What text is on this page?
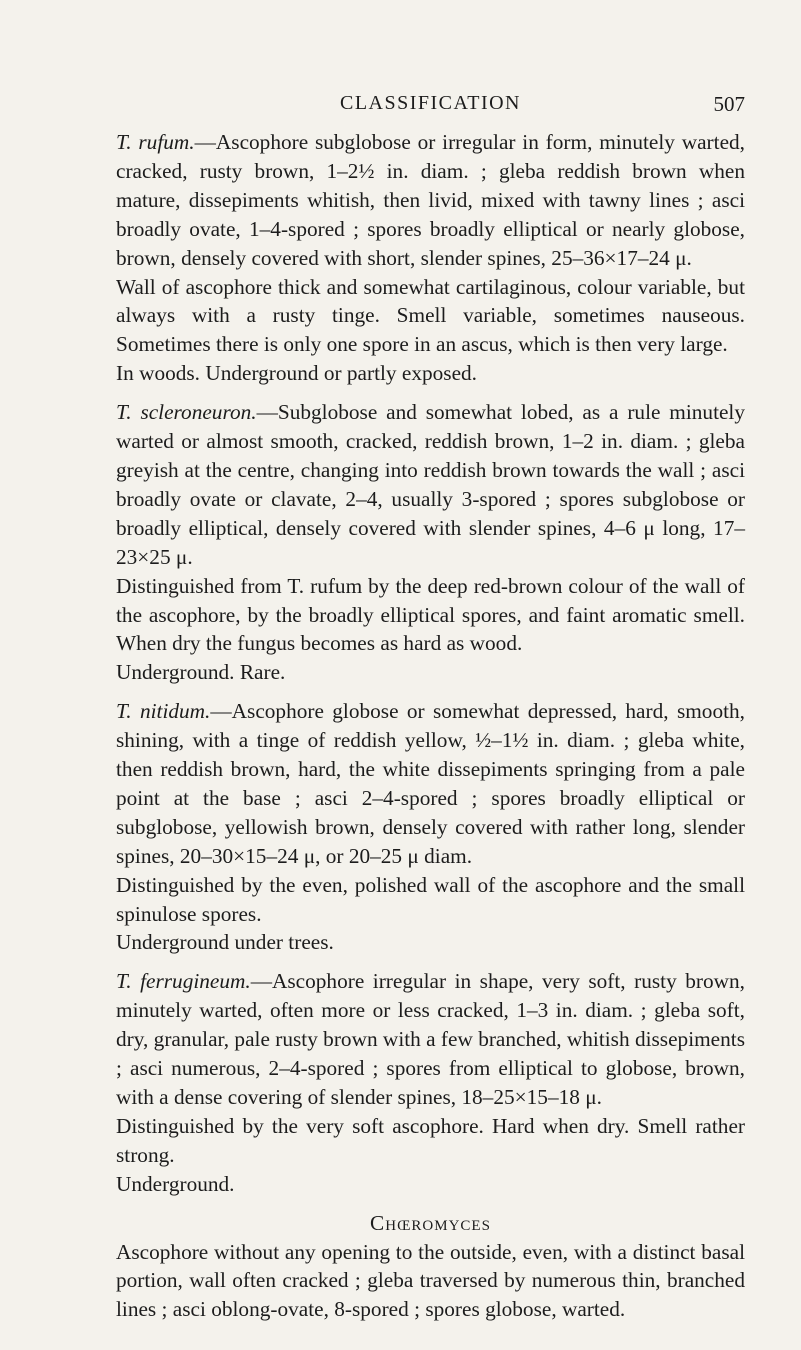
CLASSIFICATION	507

T. rufum.—Ascophore subglobose or irregular in form, minutely warted, cracked, rusty brown, 1–2½ in. diam. ; gleba reddish brown when mature, dissepiments whitish, then livid, mixed with tawny lines ; asci broadly ovate, 1–4-spored ; spores broadly elliptical or nearly globose, brown, densely covered with short, slender spines, 25–36×17–24 μ.

Wall of ascophore thick and somewhat cartilaginous, colour variable, but always with a rusty tinge. Smell variable, sometimes nauseous. Sometimes there is only one spore in an ascus, which is then very large.

In woods. Underground or partly exposed.

T. scleroneuron.—Subglobose and somewhat lobed, as a rule minutely warted or almost smooth, cracked, reddish brown, 1–2 in. diam. ; gleba greyish at the centre, changing into reddish brown towards the wall ; asci broadly ovate or clavate, 2–4, usually 3-spored ; spores subglobose or broadly elliptical, densely covered with slender spines, 4–6 μ long, 17–23×25 μ.

Distinguished from T. rufum by the deep red-brown colour of the wall of the ascophore, by the broadly elliptical spores, and faint aromatic smell. When dry the fungus becomes as hard as wood.

Underground. Rare.

T. nitidum.—Ascophore globose or somewhat depressed, hard, smooth, shining, with a tinge of reddish yellow, ½–1½ in. diam. ; gleba white, then reddish brown, hard, the white dissepiments springing from a pale point at the base ; asci 2–4-spored ; spores broadly elliptical or subglobose, yellowish brown, densely covered with rather long, slender spines, 20–30×15–24 μ, or 20–25 μ diam.

Distinguished by the even, polished wall of the ascophore and the small spinulose spores.

Underground under trees.

T. ferrugineum.—Ascophore irregular in shape, very soft, rusty brown, minutely warted, often more or less cracked, 1–3 in. diam. ; gleba soft, dry, granular, pale rusty brown with a few branched, whitish dissepiments ; asci numerous, 2–4-spored ; spores from elliptical to globose, brown, with a dense covering of slender spines, 18–25×15–18 μ.

Distinguished by the very soft ascophore. Hard when dry. Smell rather strong.

Underground.

Chœromyces

Ascophore without any opening to the outside, even, with a distinct basal portion, wall often cracked ; gleba traversed by numerous thin, branched lines ; asci oblong-ovate, 8-spored ; spores globose, warted.
